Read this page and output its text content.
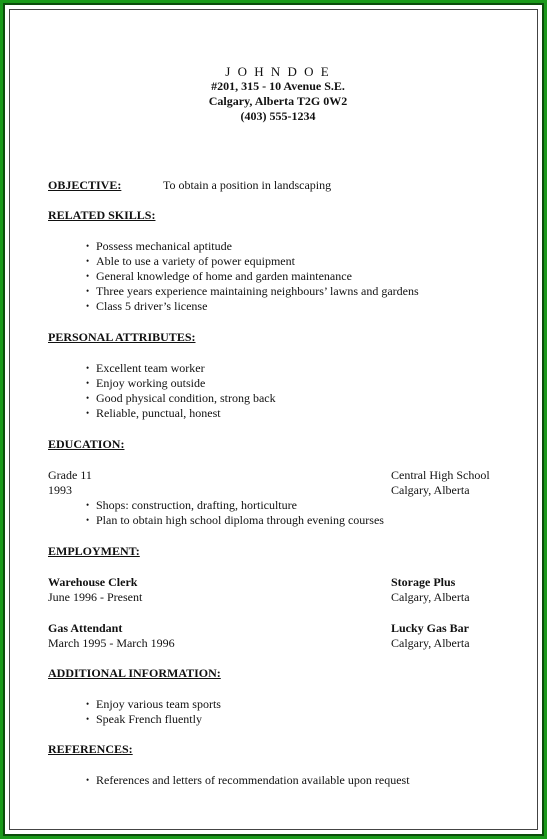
J O H N D O E
#201, 315 - 10 Avenue S.E.
Calgary, Alberta T2G 0W2
(403) 555-1234
OBJECTIVE:	To obtain a position in landscaping
RELATED SKILLS:
• Possess mechanical aptitude
• Able to use a variety of power equipment
• General knowledge of home and garden maintenance
• Three years experience maintaining neighbours’ lawns and gardens
• Class 5 driver’s license
PERSONAL ATTRIBUTES:
• Excellent team worker
• Enjoy working outside
• Good physical condition, strong back
• Reliable, punctual, honest
EDUCATION:
Grade 11	Central High School
1993	Calgary, Alberta
• Shops: construction, drafting, horticulture
• Plan to obtain high school diploma through evening courses
EMPLOYMENT:
Warehouse Clerk	Storage Plus
June 1996 - Present	Calgary, Alberta
Gas Attendant	Lucky Gas Bar
March 1995 - March 1996	Calgary, Alberta
ADDITIONAL INFORMATION:
• Enjoy various team sports
• Speak French fluently
REFERENCES:
• References and letters of recommendation available upon request
